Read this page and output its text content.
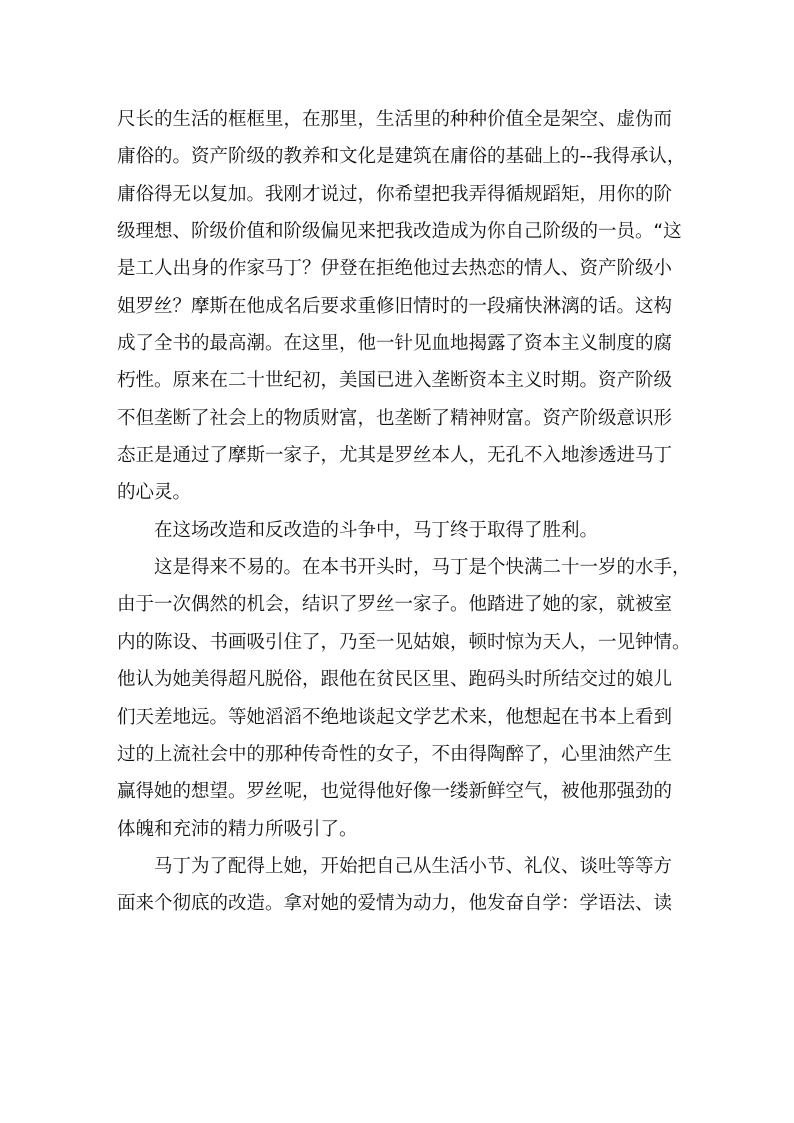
尺长的生活的框框里，在那里，生活里的种种价值全是架空、虚伪而
庸俗的。资产阶级的教养和文化是建筑在庸俗的基础上的--我得承认，
庸俗得无以复加。我刚才说过，你希望把我弄得循规蹈矩，用你的阶
级理想、阶级价值和阶级偏见来把我改造成为你自己阶级的一员。“这
是工人出身的作家马丁？伊登在拒绝他过去热恋的情人、资产阶级小
姐罗丝？摩斯在他成名后要求重修旧情时的一段痛快淋漓的话。这构
成了全书的最高潮。在这里，他一针见血地揭露了资本主义制度的腐
朽性。原来在二十世纪初，美国已进入垄断资本主义时期。资产阶级
不但垄断了社会上的物质财富，也垄断了精神财富。资产阶级意识形
态正是通过了摩斯一家子，尤其是罗丝本人，无孔不入地渗透进马丁
的心灵。
在这场改造和反改造的斗争中，马丁终于取得了胜利。
这是得来不易的。在本书开头时，马丁是个快满二十一岁的水手，
由于一次偶然的机会，结识了罗丝一家子。他踏进了她的家，就被室
内的陈设、书画吸引住了，乃至一见姑娘，顿时惊为天人，一见钟情。
他认为她美得超凡脱俗，跟他在贫民区里、跑码头时所结交过的娘儿
们天差地远。等她滔滔不绝地谈起文学艺术来，他想起在书本上看到
过的上流社会中的那种传奇性的女子，不由得陶醉了，心里油然产生
赢得她的想望。罗丝呢，也觉得他好像一缕新鲜空气，被他那强劲的
体魄和充沛的精力所吸引了。
马丁为了配得上她，开始把自己从生活小节、礼仪、谈吐等等方
面来个彻底的改造。拿对她的爱情为动力，他发奋自学：学语法、读
